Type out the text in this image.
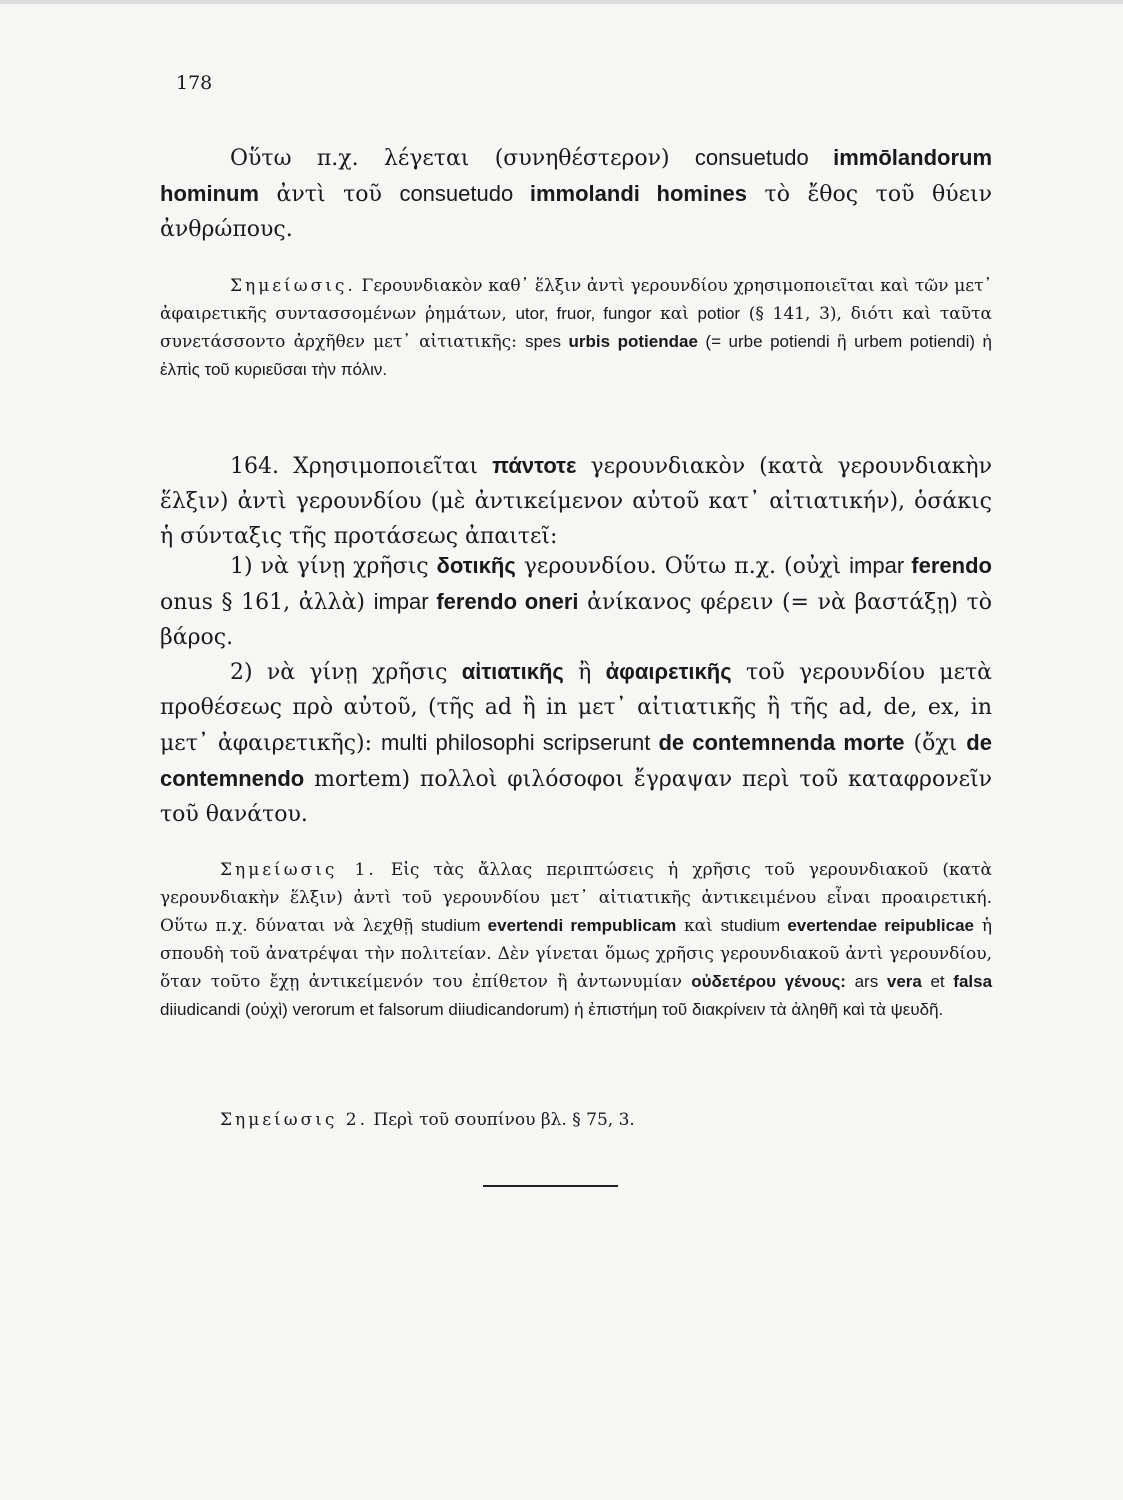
178
Οὕτω π.χ. λέγεται (συνηθέστερον) consuetudo immōlandorum hominum ἀντὶ τοῦ consuetudo immolandi homines τὸ ἔθος τοῦ θύειν ἀνθρώπους.
Σημείωσις. Γερουνδιακὸν καθ᾽ ἕλξιν ἀντὶ γερουνδίου χρησιμοποιεῖται καὶ τῶν μετ᾽ ἀφαιρετικῆς συντασσομένων ῥημάτων, utor, fruor, fungor καὶ potior (§ 141, 3), διότι καὶ ταῦτα συνετάσσοντο ἀρχῆθεν μετ᾽ αἰτιατικῆς: spes urbis potiendae (= urbe potiendi ἢ urbem potiendi) ἡ ἐλπὶς τοῦ κυριεῦσαι τὴν πόλιν.
164. Χρησιμοποιεῖται πάντοτε γερουνδιακὸν (κατὰ γερουνδιακὴν ἕλξιν) ἀντὶ γερουνδίου (μὲ ἀντικείμενον αὐτοῦ κατ᾽ αἰτιατικήν), ὁσάκις ἡ σύνταξις τῆς προτάσεως ἀπαιτεῖ:
1) νὰ γίνῃ χρῆσις δοτικῆς γερουνδίου. Οὕτω π.χ. (οὐχὶ impar ferendo onus § 161, ἀλλὰ) impar ferendo oneri ἀνίκανος φέρειν (= νὰ βαστάξῃ) τὸ βάρος.
2) νὰ γίνῃ χρῆσις αἰτιατικῆς ἢ ἀφαιρετικῆς τοῦ γερουνδίου μετὰ προθέσεως πρὸ αὐτοῦ, (τῆς ad ἢ in μετ᾽ αἰτιατικῆς ἢ τῆς ad, de, ex, in μετ᾽ ἀφαιρετικῆς): multi philosophi scripserunt de contemnenda morte (ὄχι de contemnendo mortem) πολλοὶ φιλόσοφοι ἔγραψαν περὶ τοῦ καταφρονεῖν τοῦ θανάτου.
Σημείωσις 1. Εἰς τὰς ἄλλας περιπτώσεις ἡ χρῆσις τοῦ γερουνδιακοῦ (κατὰ γερουνδιακὴν ἕλξιν) ἀντὶ τοῦ γερουνδίου μετ᾽ αἰτιατικῆς ἀντικειμένου εἶναι προαιρετική. Οὕτω π.χ. δύναται νὰ λεχθῇ studium evertendi rempublicam καὶ studium evertendae reipublicae ἡ σπουδὴ τοῦ ἀνατρέψαι τὴν πολιτείαν. Δὲν γίνεται ὅμως χρῆσις γερουνδιακοῦ ἀντὶ γερουνδίου, ὅταν τοῦτο ἔχῃ ἀντικείμενόν του ἐπίθετον ἢ ἀντωνυμίαν οὐδετέρου γένους: ars vera et falsa diiudicandi (οὐχὶ) verorum et falsorum diiudicandorum) ἡ ἐπιστήμη τοῦ διακρίνειν τὰ ἀληθῆ καὶ τὰ ψευδῆ.
Σημείωσις 2. Περὶ τοῦ σουπίνου βλ. § 75, 3.
